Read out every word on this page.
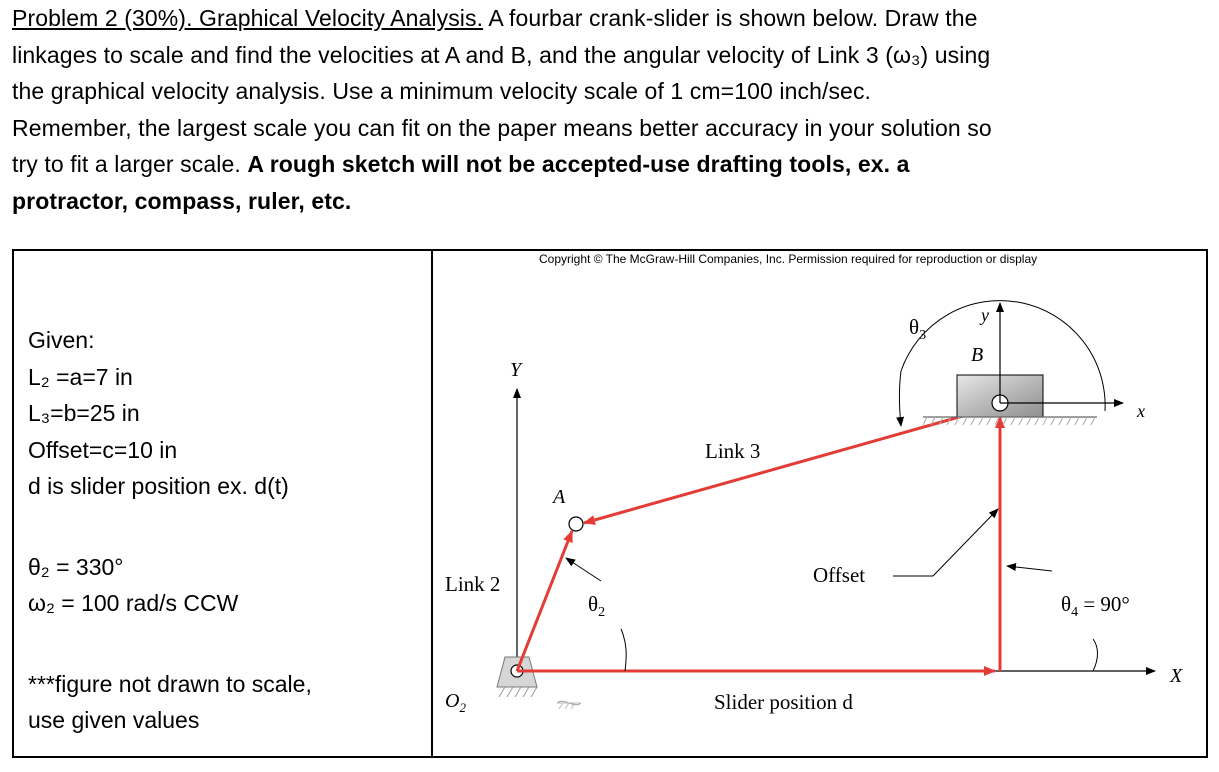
Problem 2 (30%). Graphical Velocity Analysis. A fourbar crank-slider is shown below. Draw the
linkages to scale and find the velocities at A and B, and the angular velocity of Link 3 (ω₃) using
the graphical velocity analysis. Use a minimum velocity scale of 1 cm=100 inch/sec.
Remember, the largest scale you can fit on the paper means better accuracy in your solution so
try to fit a larger scale. A rough sketch will not be accepted-use drafting tools, ex. a
protractor, compass, ruler, etc.
Given:
L₂ =a=7 in
L₃=b=25 in
Offset=c=10 in
d is slider position ex. d(t)
θ₂ = 330°
ω₂ = 100 rad/s CCW
***figure not drawn to scale,
use given values
Copyright © The McGraw-Hill Companies, Inc. Permission required for reproduction or display
Y
X
$O_2$
Link 2
A
Link 3
Slider position d
Offset
B
y
x
$\theta_3$
$\theta_2$	$\theta_4 = 90^\circ$
